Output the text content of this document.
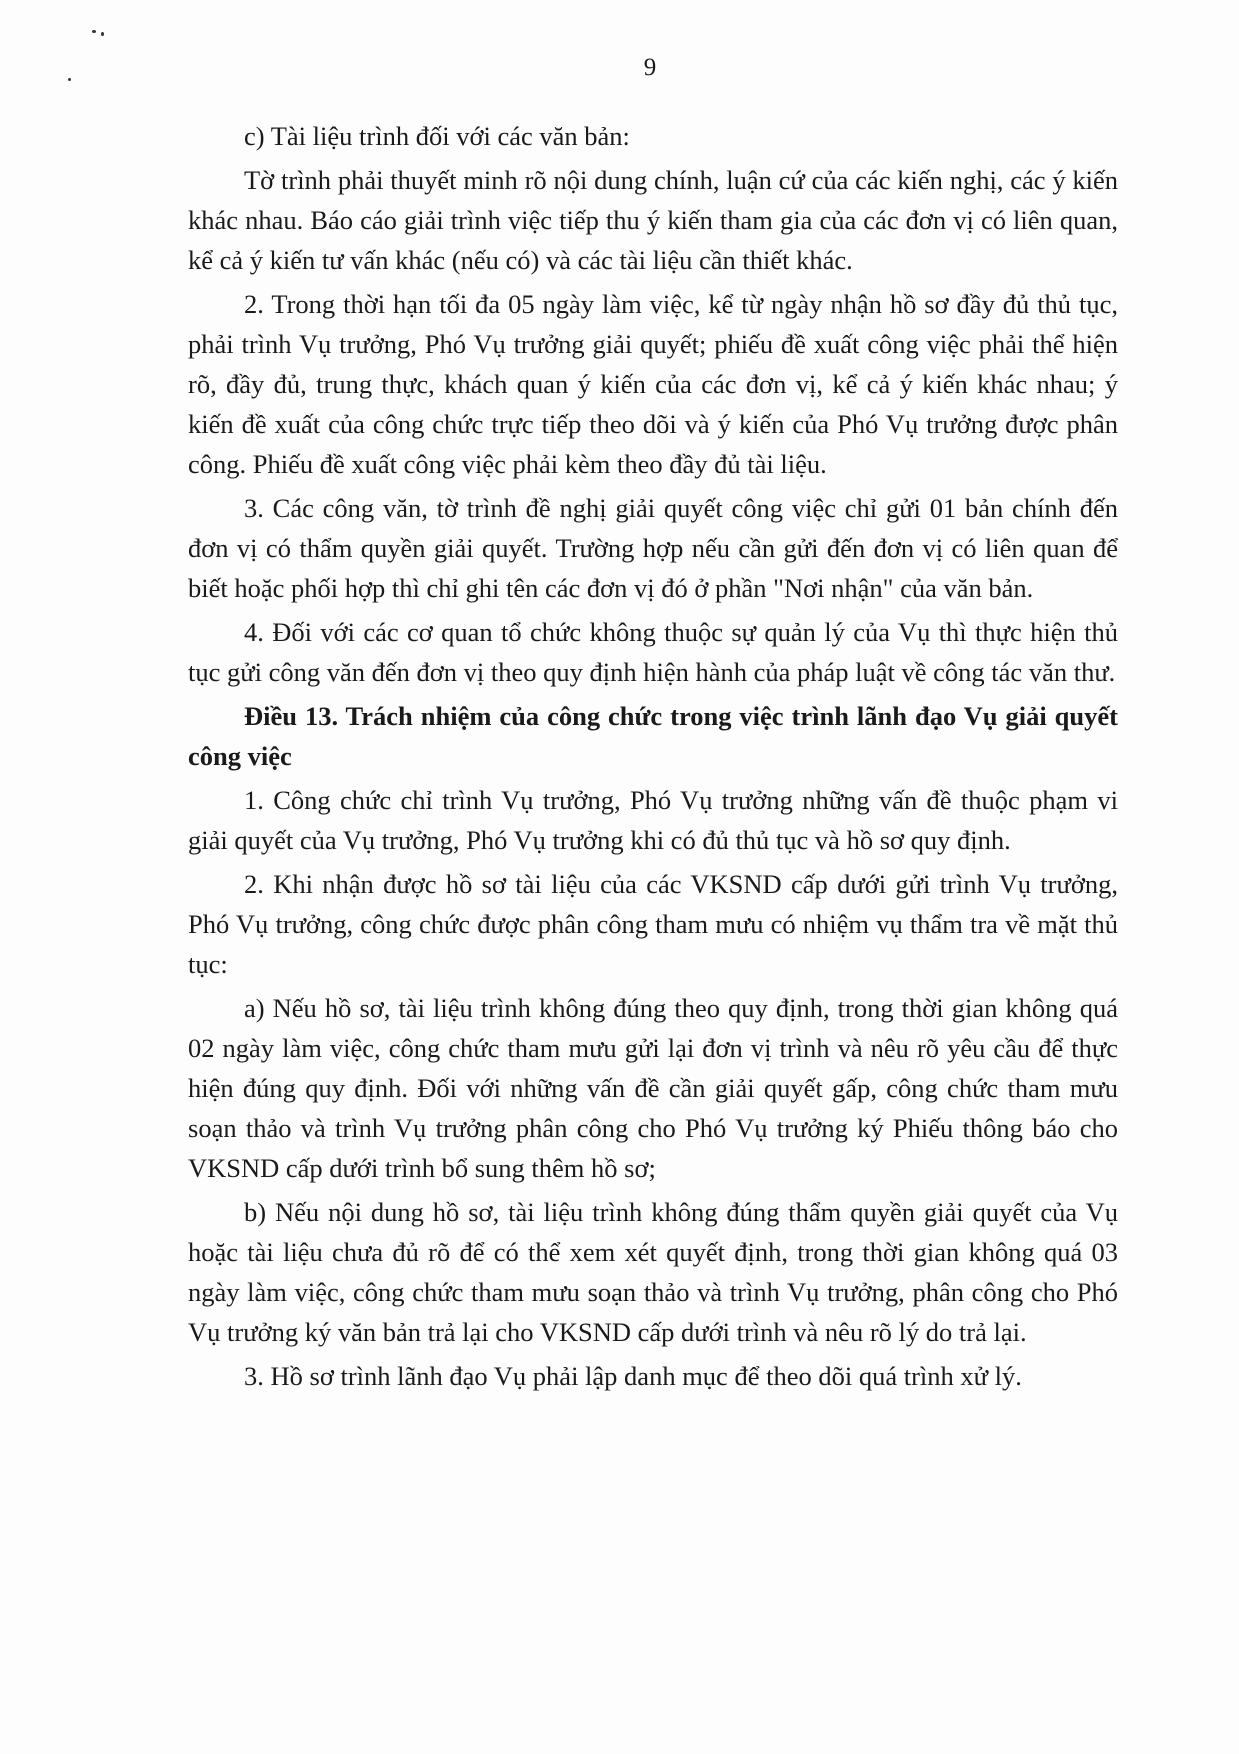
9

c) Tài liệu trình đối với các văn bản:

Tờ trình phải thuyết minh rõ nội dung chính, luận cứ của các kiến nghị, các ý kiến khác nhau. Báo cáo giải trình việc tiếp thu ý kiến tham gia của các đơn vị có liên quan, kể cả ý kiến tư vấn khác (nếu có) và các tài liệu cần thiết khác.

2. Trong thời hạn tối đa 05 ngày làm việc, kể từ ngày nhận hồ sơ đầy đủ thủ tục, phải trình Vụ trưởng, Phó Vụ trưởng giải quyết; phiếu đề xuất công việc phải thể hiện rõ, đầy đủ, trung thực, khách quan ý kiến của các đơn vị, kể cả ý kiến khác nhau; ý kiến đề xuất của công chức trực tiếp theo dõi và ý kiến của Phó Vụ trưởng được phân công. Phiếu đề xuất công việc phải kèm theo đầy đủ tài liệu.

3. Các công văn, tờ trình đề nghị giải quyết công việc chỉ gửi 01 bản chính đến đơn vị có thẩm quyền giải quyết. Trường hợp nếu cần gửi đến đơn vị có liên quan để biết hoặc phối hợp thì chỉ ghi tên các đơn vị đó ở phần "Nơi nhận" của văn bản.

4. Đối với các cơ quan tổ chức không thuộc sự quản lý của Vụ thì thực hiện thủ tục gửi công văn đến đơn vị theo quy định hiện hành của pháp luật về công tác văn thư.

Điều 13. Trách nhiệm của công chức trong việc trình lãnh đạo Vụ giải quyết công việc

1. Công chức chỉ trình Vụ trưởng, Phó Vụ trưởng những vấn đề thuộc phạm vi giải quyết của Vụ trưởng, Phó Vụ trưởng khi có đủ thủ tục và hồ sơ quy định.

2. Khi nhận được hồ sơ tài liệu của các VKSND cấp dưới gửi trình Vụ trưởng, Phó Vụ trưởng, công chức được phân công tham mưu có nhiệm vụ thẩm tra về mặt thủ tục:

a) Nếu hồ sơ, tài liệu trình không đúng theo quy định, trong thời gian không quá 02 ngày làm việc, công chức tham mưu gửi lại đơn vị trình và nêu rõ yêu cầu để thực hiện đúng quy định. Đối với những vấn đề cần giải quyết gấp, công chức tham mưu soạn thảo và trình Vụ trưởng phân công cho Phó Vụ trưởng ký Phiếu thông báo cho VKSND cấp dưới trình bổ sung thêm hồ sơ;

b) Nếu nội dung hồ sơ, tài liệu trình không đúng thẩm quyền giải quyết của Vụ hoặc tài liệu chưa đủ rõ để có thể xem xét quyết định, trong thời gian không quá 03 ngày làm việc, công chức tham mưu soạn thảo và trình Vụ trưởng, phân công cho Phó Vụ trưởng ký văn bản trả lại cho VKSND cấp dưới trình và nêu rõ lý do trả lại.

3. Hồ sơ trình lãnh đạo Vụ phải lập danh mục để theo dõi quá trình xử lý.
